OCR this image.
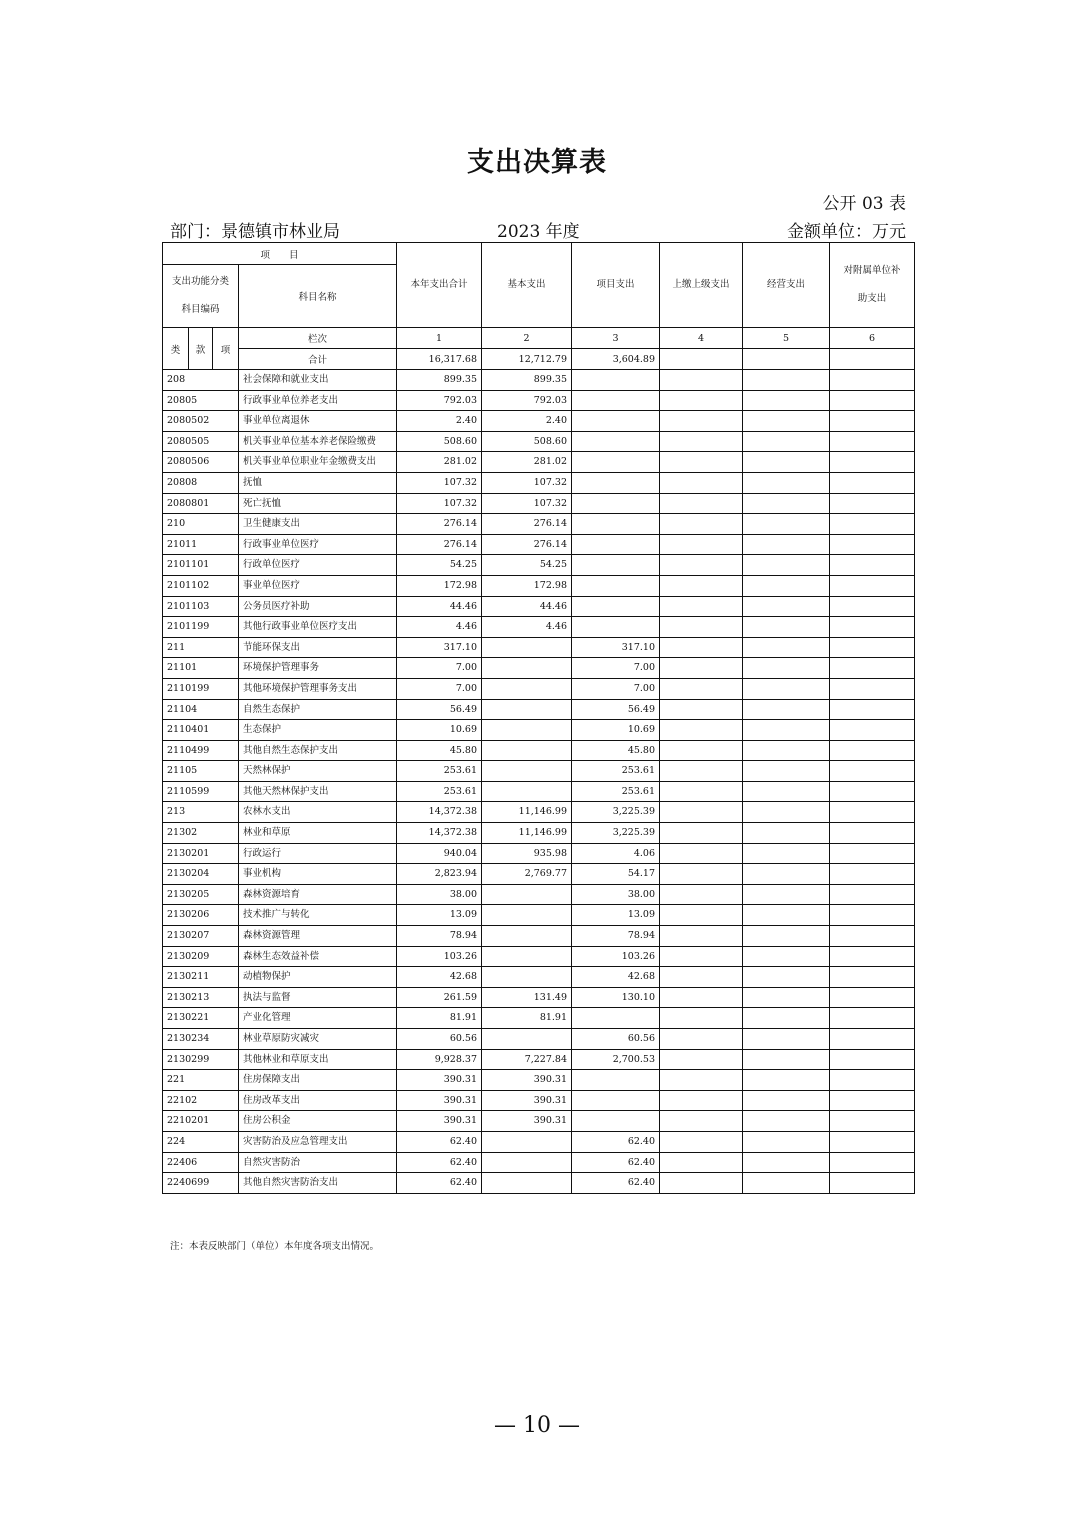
支出决算表
公开 03 表
部门：景德镇市林业局	2023 年度	金额单位：万元
项　　目				本年支出合计	基本支出	项目支出	上缴上级支出	经营支出	对附属单位补助支出

支出功能分类
科目编码			科目名称						
类	款	项	栏次	1	2	3	4	5	6
			合计	16,317.68	12,712.79	3,604.89			
208			社会保障和就业支出	899.35	899.35				
20805			行政事业单位养老支出	792.03	792.03				
2080502			事业单位离退休	2.40	2.40				
2080505			机关事业单位基本养老保险缴费	508.60	508.60				
2080506			机关事业单位职业年金缴费支出	281.02	281.02				
20808			抚恤	107.32	107.32				
2080801			死亡抚恤	107.32	107.32				
210			卫生健康支出	276.14	276.14				
21011			行政事业单位医疗	276.14	276.14				
2101101			行政单位医疗	54.25	54.25				
2101102			事业单位医疗	172.98	172.98				
2101103			公务员医疗补助	44.46	44.46				
2101199			其他行政事业单位医疗支出	4.46	4.46				
211			节能环保支出	317.10		317.10			
21101			环境保护管理事务	7.00		7.00			
2110199			其他环境保护管理事务支出	7.00		7.00			
21104			自然生态保护	56.49		56.49			
2110401			生态保护	10.69		10.69			
2110499			其他自然生态保护支出	45.80		45.80			
21105			天然林保护	253.61		253.61			
2110599			其他天然林保护支出	253.61		253.61			
213			农林水支出	14,372.38	11,146.99	3,225.39			
21302			林业和草原	14,372.38	11,146.99	3,225.39			
2130201			行政运行	940.04	935.98	4.06			
2130204			事业机构	2,823.94	2,769.77	54.17			
2130205			森林资源培育	38.00		38.00			
2130206			技术推广与转化	13.09		13.09			
2130207			森林资源管理	78.94		78.94			
2130209			森林生态效益补偿	103.26		103.26			
2130211			动植物保护	42.68		42.68			
2130213			执法与监督	261.59	131.49	130.10			
2130221			产业化管理	81.91	81.91				
2130234			林业草原防灾减灾	60.56		60.56			
2130299			其他林业和草原支出	9,928.37	7,227.84	2,700.53			
221			住房保障支出	390.31	390.31				
22102			住房改革支出	390.31	390.31				
2210201			住房公积金	390.31	390.31				
224			灾害防治及应急管理支出	62.40		62.40			
22406			自然灾害防治	62.40		62.40			
2240699			其他自然灾害防治支出	62.40		62.40			
注：本表反映部门（单位）本年度各项支出情况。
— 10 —
